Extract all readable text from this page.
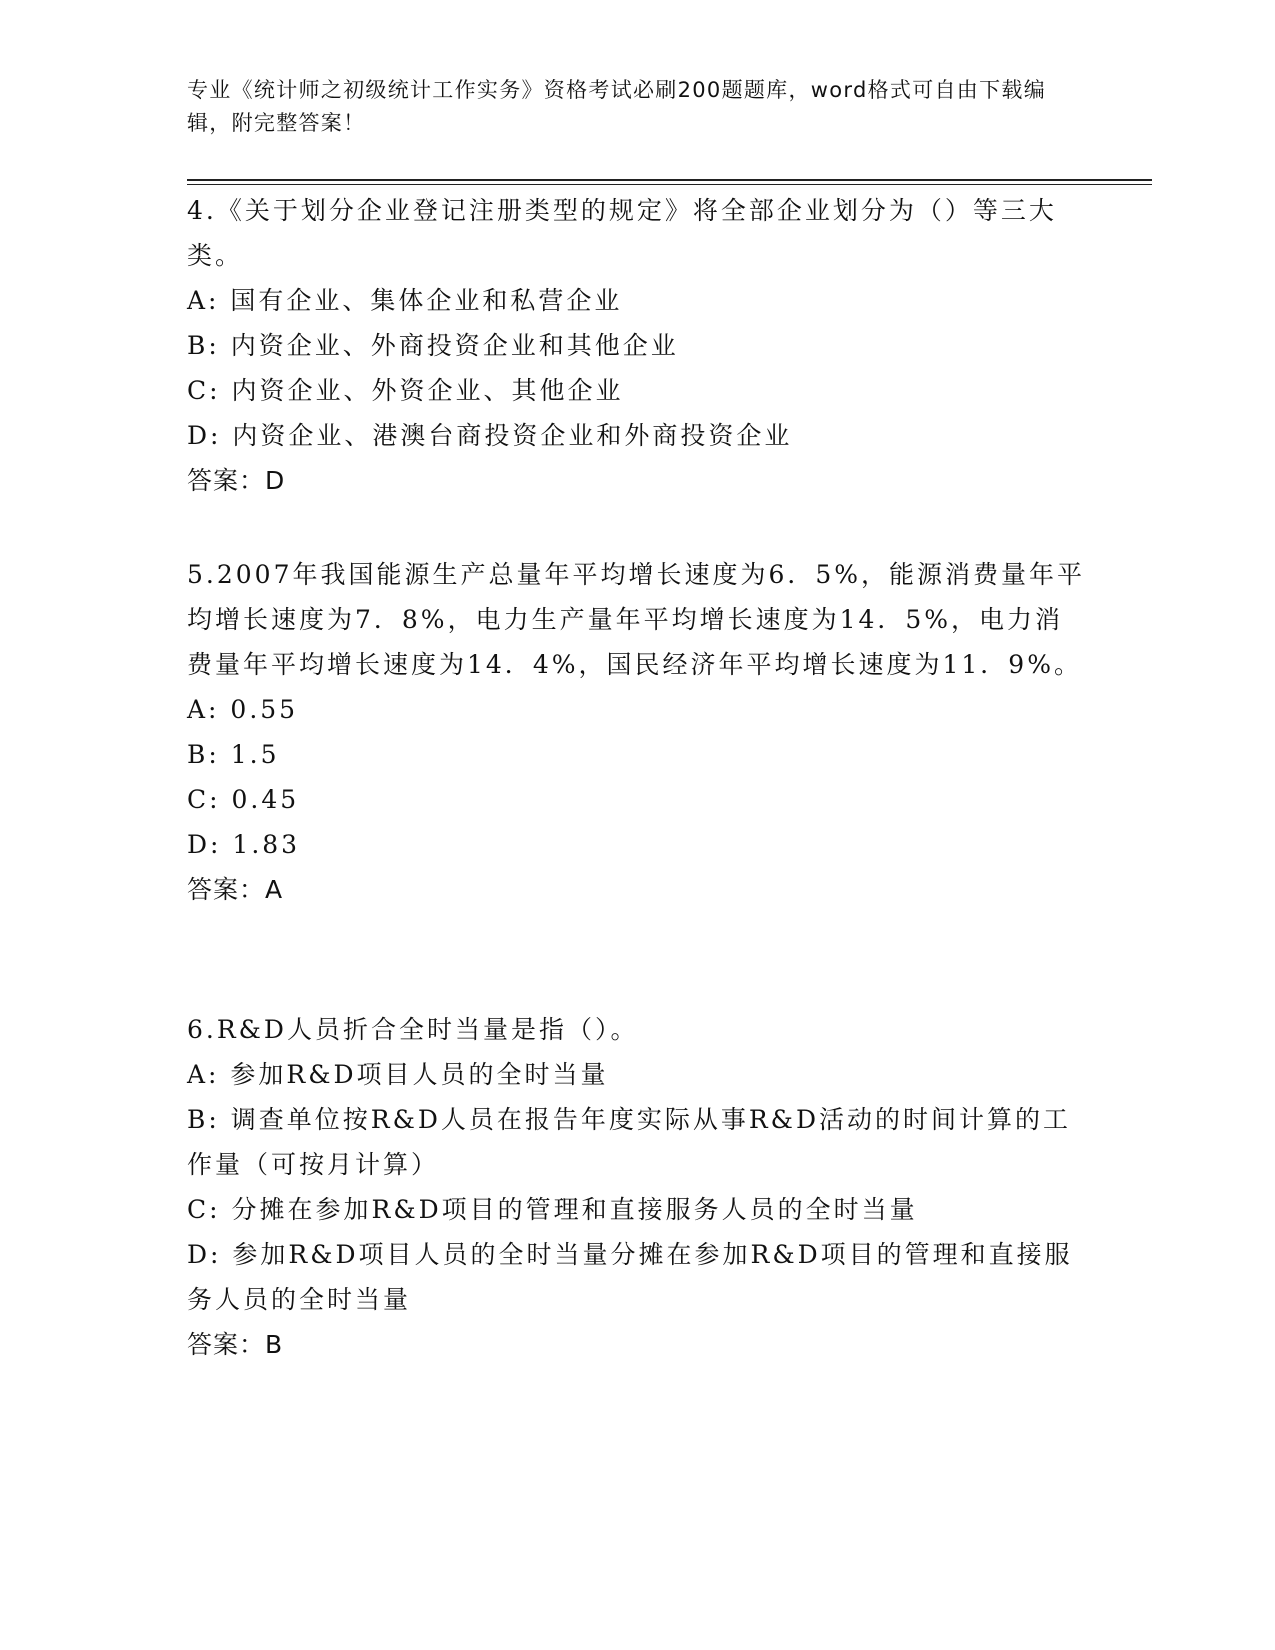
专业《统计师之初级统计工作实务》资格考试必刷200题题库，word格式可自由下载编辑，附完整答案！
4.《关于划分企业登记注册类型的规定》将全部企业划分为（）等三大类。
A: 国有企业、集体企业和私营企业
B: 内资企业、外商投资企业和其他企业
C: 内资企业、外资企业、其他企业
D: 内资企业、港澳台商投资企业和外商投资企业
答案：D
5.2007年我国能源生产总量年平均增长速度为6．5%，能源消费量年平均增长速度为7．8%，电力生产量年平均增长速度为14．5%，电力消费量年平均增长速度为14．4%，国民经济年平均增长速度为11．9%。
A: 0.55
B: 1.5
C: 0.45
D: 1.83
答案：A
6.R&D人员折合全时当量是指（）。
A: 参加R&D项目人员的全时当量
B: 调查单位按R&D人员在报告年度实际从事R&D活动的时间计算的工作量（可按月计算）
C: 分摊在参加R&D项目的管理和直接服务人员的全时当量
D: 参加R&D项目人员的全时当量分摊在参加R&D项目的管理和直接服务人员的全时当量
答案：B
